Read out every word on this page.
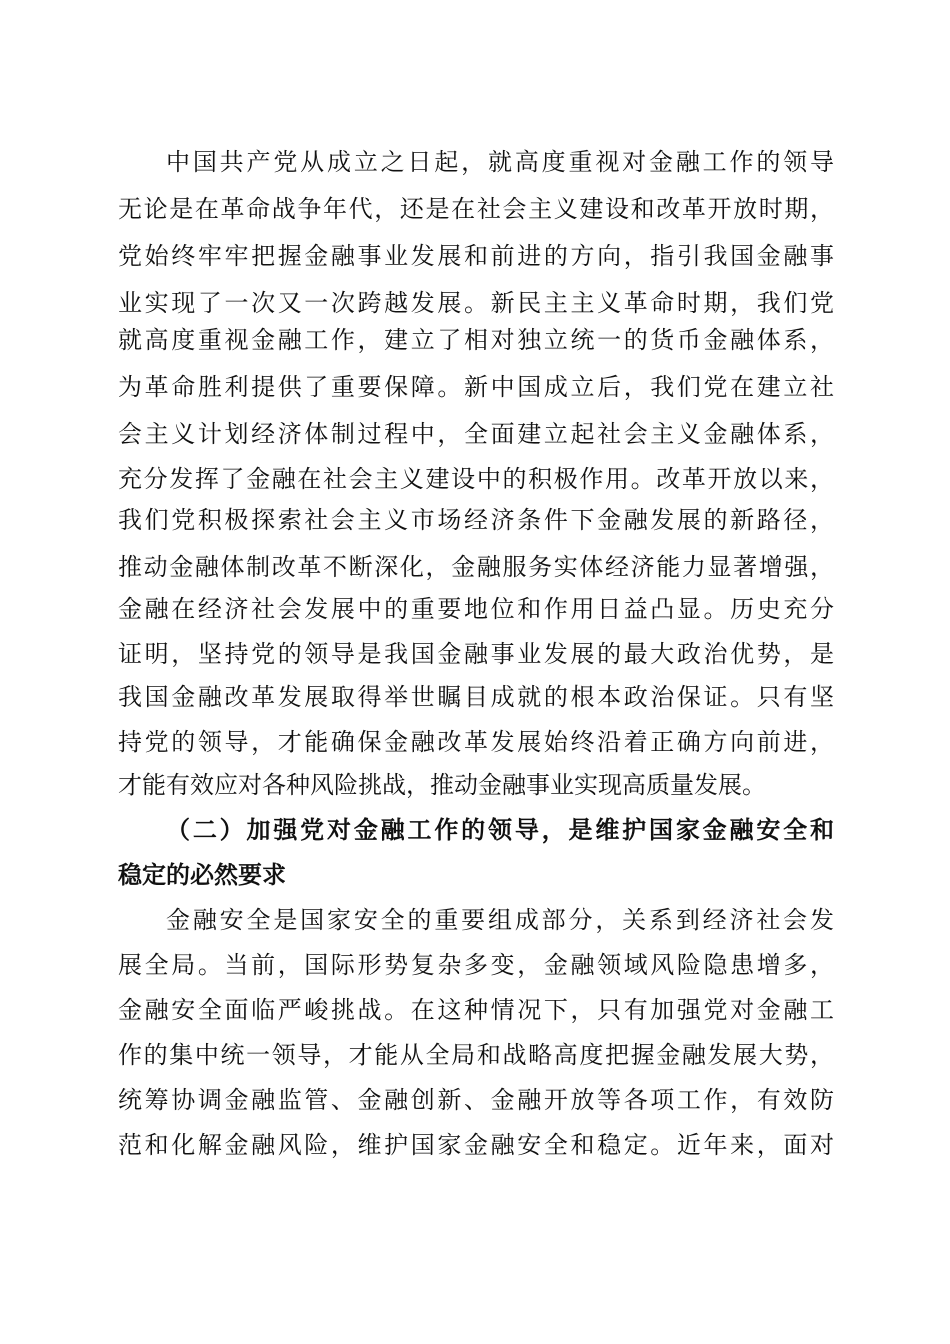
中国共产党从成立之日起，就高度重视对金融工作的领导
无论是在革命战争年代，还是在社会主义建设和改革开放时期，
党始终牢牢把握金融事业发展和前进的方向，指引我国金融事
业实现了一次又一次跨越发展。新民主主义革命时期，我们党
就高度重视金融工作，建立了相对独立统一的货币金融体系，
为革命胜利提供了重要保障。新中国成立后，我们党在建立社
会主义计划经济体制过程中，全面建立起社会主义金融体系，
充分发挥了金融在社会主义建设中的积极作用。改革开放以来，
我们党积极探索社会主义市场经济条件下金融发展的新路径，
推动金融体制改革不断深化，金融服务实体经济能力显著增强，
金融在经济社会发展中的重要地位和作用日益凸显。历史充分
证明，坚持党的领导是我国金融事业发展的最大政治优势，是
我国金融改革发展取得举世瞩目成就的根本政治保证。只有坚
持党的领导，才能确保金融改革发展始终沿着正确方向前进，
才能有效应对各种风险挑战，推动金融事业实现高质量发展。
（二）加强党对金融工作的领导，是维护国家金融安全和
稳定的必然要求
金融安全是国家安全的重要组成部分，关系到经济社会发
展全局。当前，国际形势复杂多变，金融领域风险隐患增多，
金融安全面临严峻挑战。在这种情况下，只有加强党对金融工
作的集中统一领导，才能从全局和战略高度把握金融发展大势，
统筹协调金融监管、金融创新、金融开放等各项工作，有效防
范和化解金融风险，维护国家金融安全和稳定。近年来，面对
